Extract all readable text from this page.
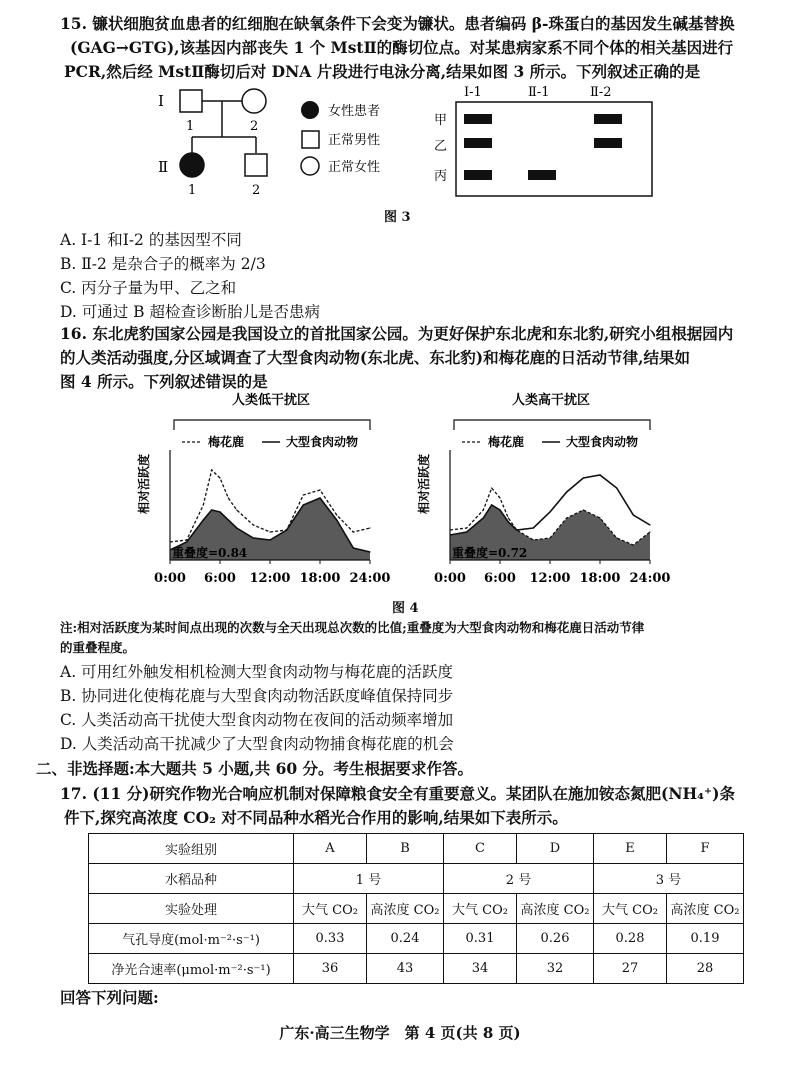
15. 镰状细胞贫血患者的红细胞在缺氧条件下会变为镰状。患者编码 β-珠蛋白的基因发生碱基替换
(GAG→GTG),该基因内部丧失 1 个 MstⅡ的酶切位点。对某患病家系不同个体的相关基因进行
PCR,然后经 MstⅡ酶切后对 DNA 片段进行电泳分离,结果如图 3 所示。下列叙述正确的是
Ⅰ
1	2
Ⅱ
1	2
女性患者
正常男性
正常女性
Ⅰ-1	Ⅱ-1	Ⅱ-2
甲
乙
丙
图 3
A. Ⅰ-1 和Ⅰ-2 的基因型不同
B. Ⅱ-2 是杂合子的概率为 2/3
C. 丙分子量为甲、乙之和
D. 可通过 B 超检查诊断胎儿是否患病
16. 东北虎豹国家公园是我国设立的首批国家公园。为更好保护东北虎和东北豹,研究小组根据园内
的人类活动强度,分区域调查了大型食肉动物(东北虎、东北豹)和梅花鹿的日活动节律,结果如
图 4 所示。下列叙述错误的是
人类低干扰区
相对活跃度
梅花鹿	大型食肉动物
重叠度=0.84
0:00 6:00 12:00 18:00 24:00
人类高干扰区
相对活跃度
梅花鹿	大型食肉动物
重叠度=0.72
0:00 6:00 12:00 18:00 24:00
图 4
注:相对活跃度为某时间点出现的次数与全天出现总次数的比值;重叠度为大型食肉动物和梅花鹿日活动节律
的重叠程度。
A. 可用红外触发相机检测大型食肉动物与梅花鹿的活跃度
B. 协同进化使梅花鹿与大型食肉动物活跃度峰值保持同步
C. 人类活动高干扰使大型食肉动物在夜间的活动频率增加
D. 人类活动高干扰减少了大型食肉动物捕食梅花鹿的机会
二、非选择题:本大题共 5 小题,共 60 分。考生根据要求作答。
17. (11 分)研究作物光合响应机制对保障粮食安全有重要意义。某团队在施加铵态氮肥(NH₄⁺)条
件下,探究高浓度 CO₂ 对不同品种水稻光合作用的影响,结果如下表所示。
实验组别	A	B	C	D	E	F
水稻品种	1 号		2 号		3 号	
实验处理	大气 CO₂	高浓度 CO₂	大气 CO₂	高浓度 CO₂	大气 CO₂	高浓度 CO₂
气孔导度(mol·m⁻²·s⁻¹)	0.33	0.24	0.31	0.26	0.28	0.19
净光合速率(μmol·m⁻²·s⁻¹)	36	43	34	32	27	28
回答下列问题:
广东·高三生物学　第 4 页(共 8 页)
